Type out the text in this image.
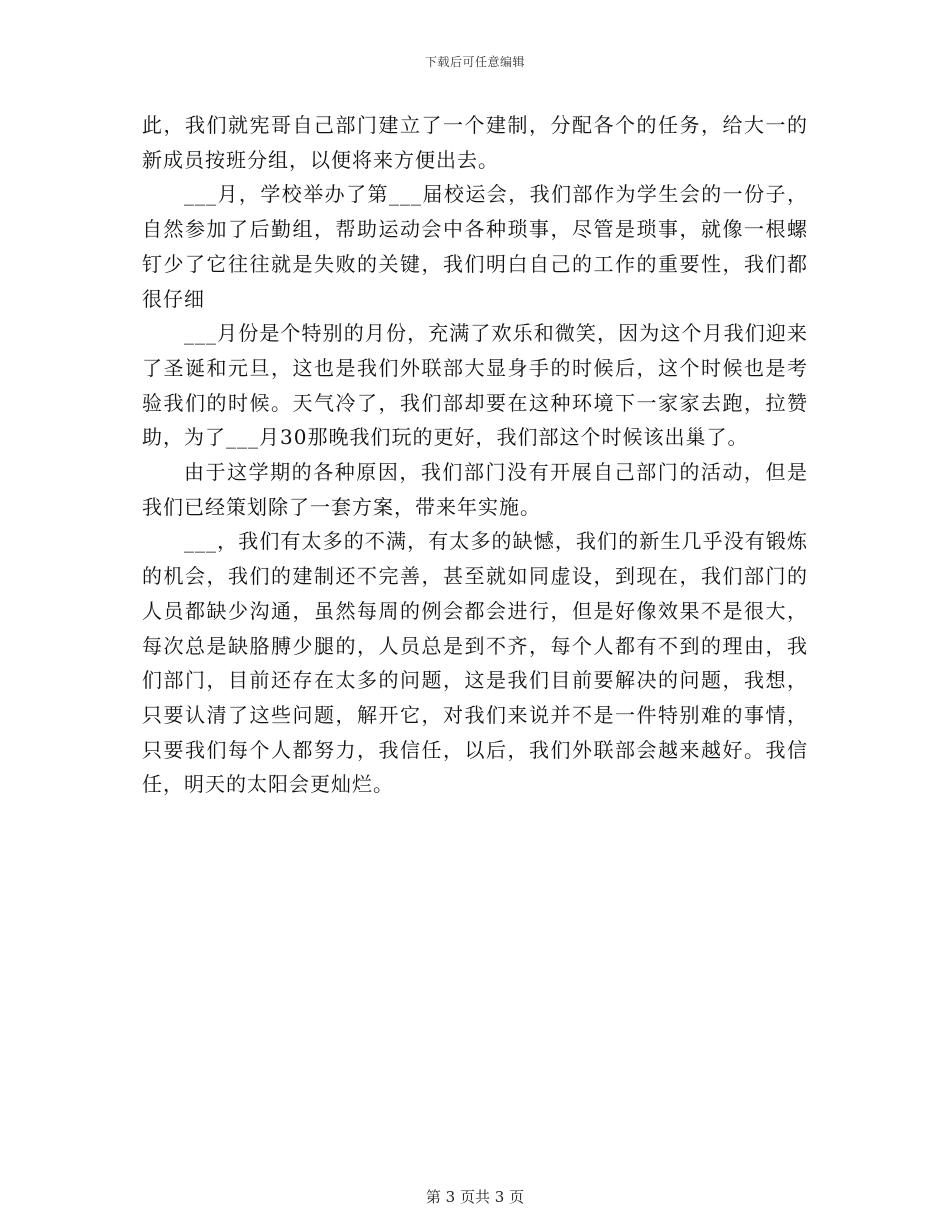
下载后可任意编辑

此，我们就宪哥自己部门建立了一个建制，分配各个的任务，给大一的新成员按班分组，以便将来方便出去。

___月，学校举办了第___届校运会，我们部作为学生会的一份子，自然参加了后勤组，帮助运动会中各种琐事，尽管是琐事，就像一根螺钉少了它往往就是失败的关键，我们明白自己的工作的重要性，我们都很仔细

___月份是个特别的月份，充满了欢乐和微笑，因为这个月我们迎来了圣诞和元旦，这也是我们外联部大显身手的时候后，这个时候也是考验我们的时候。天气冷了，我们部却要在这种环境下一家家去跑，拉赞助，为了___月30那晚我们玩的更好，我们部这个时候该出巢了。

由于这学期的各种原因，我们部门没有开展自己部门的活动，但是我们已经策划除了一套方案，带来年实施。

___，我们有太多的不满，有太多的缺憾，我们的新生几乎没有锻炼的机会，我们的建制还不完善，甚至就如同虚设，到现在，我们部门的人员都缺少沟通，虽然每周的例会都会进行，但是好像效果不是很大，每次总是缺胳膊少腿的，人员总是到不齐，每个人都有不到的理由，我们部门，目前还存在太多的问题，这是我们目前要解决的问题，我想，只要认清了这些问题，解开它，对我们来说并不是一件特别难的事情，只要我们每个人都努力，我信任，以后，我们外联部会越来越好。我信任，明天的太阳会更灿烂。

第 3 页共 3 页
